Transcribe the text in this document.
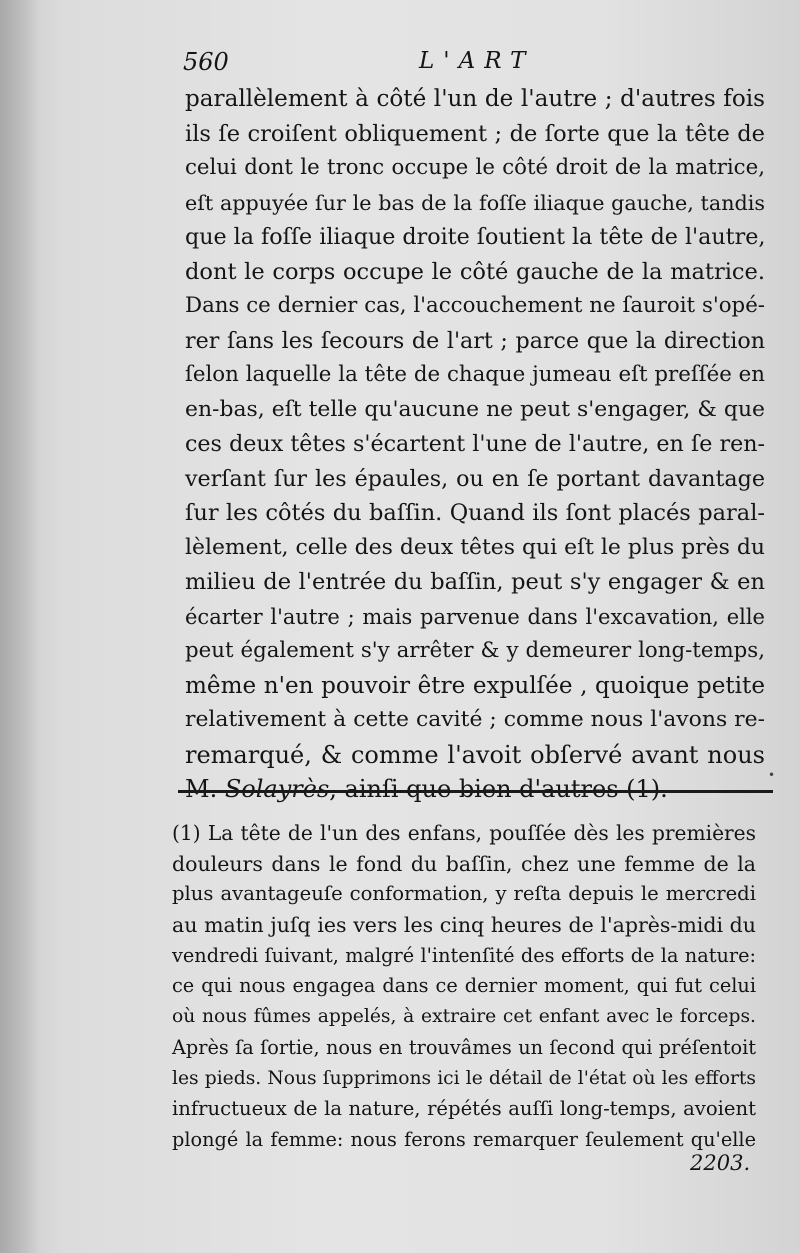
560	L'ART
parallèlement à côté l'un de l'autre ; d'autres fois
ils ſe croiſent obliquement ; de ſorte que la tête de
celui dont le tronc occupe le côté droit de la matrice,
eſt appuyée ſur le bas de la foſſe iliaque gauche, tandis
que la foſſe iliaque droite ſoutient la tête de l'autre,
dont le corps occupe le côté gauche de la matrice.
Dans ce dernier cas, l'accouchement ne ſauroit s'opé-
rer ſans les ſecours de l'art ; parce que la direction
ſelon laquelle la tête de chaque jumeau eſt preſſée en
en-bas, eſt telle qu'aucune ne peut s'engager, & que
ces deux têtes s'écartent l'une de l'autre, en ſe ren-
verſant ſur les épaules, ou en ſe portant davantage
ſur les côtés du baſſin. Quand ils ſont placés paral-
lèlement, celle des deux têtes qui eſt le plus près du
milieu de l'entrée du baſſin, peut s'y engager & en
écarter l'autre ; mais parvenue dans l'excavation, elle
peut également s'y arrêter & y demeurer long-temps,
même n'en pouvoir être expulſée , quoique petite
relativement à cette cavité ; comme nous l'avons re-
remarqué, & comme l'avoit obſervé avant nous
M. Solayrès, ainſi que bien d'autres (1).	•
(1) La tête de l'un des enfans, pouſſée dès les premières
douleurs dans le fond du baſſin, chez une femme de la
plus avantageuſe conformation, y reſta depuis le mercredi
au matin juſq ies vers les cinq heures de l'après-midi du
vendredi ſuivant, malgré l'intenſité des efforts de la nature:
ce qui nous engagea dans ce dernier moment, qui fut celui
où nous fûmes appelés, à extraire cet enfant avec le forceps.
Après ſa ſortie, nous en trouvâmes un ſecond qui préſentoit
les pieds. Nous ſupprimons ici le détail de l'état où les efforts
infructueux de la nature, répétés auſſi long-temps, avoient
plongé la femme: nous ferons remarquer ſeulement qu'elle
2203.
